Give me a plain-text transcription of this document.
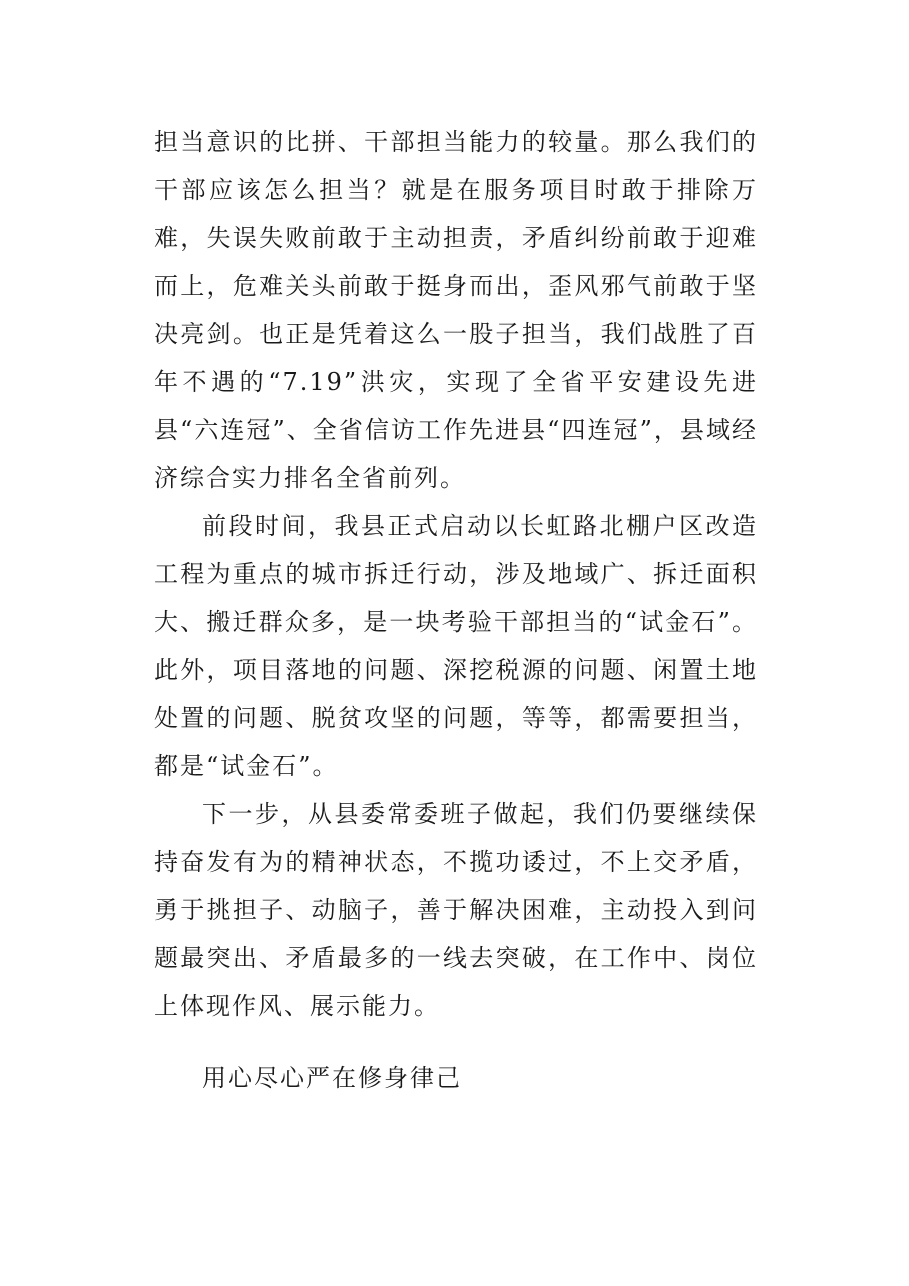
担当意识的比拼、干部担当能力的较量。那么我们的干部应该怎么担当？就是在服务项目时敢于排除万难，失误失败前敢于主动担责，矛盾纠纷前敢于迎难而上，危难关头前敢于挺身而出，歪风邪气前敢于坚决亮剑。也正是凭着这么一股子担当，我们战胜了百年不遇的“7.19”洪灾，实现了全省平安建设先进县“六连冠”、全省信访工作先进县“四连冠”，县域经济综合实力排名全省前列。

前段时间，我县正式启动以长虹路北棚户区改造工程为重点的城市拆迁行动，涉及地域广、拆迁面积大、搬迁群众多，是一块考验干部担当的“试金石”。此外，项目落地的问题、深挖税源的问题、闲置土地处置的问题、脱贫攻坚的问题，等等，都需要担当，都是“试金石”。

下一步，从县委常委班子做起，我们仍要继续保持奋发有为的精神状态，不揽功诿过，不上交矛盾，勇于挑担子、动脑子，善于解决困难，主动投入到问题最突出、矛盾最多的一线去突破，在工作中、岗位上体现作风、展示能力。

用心尽心严在修身律己
